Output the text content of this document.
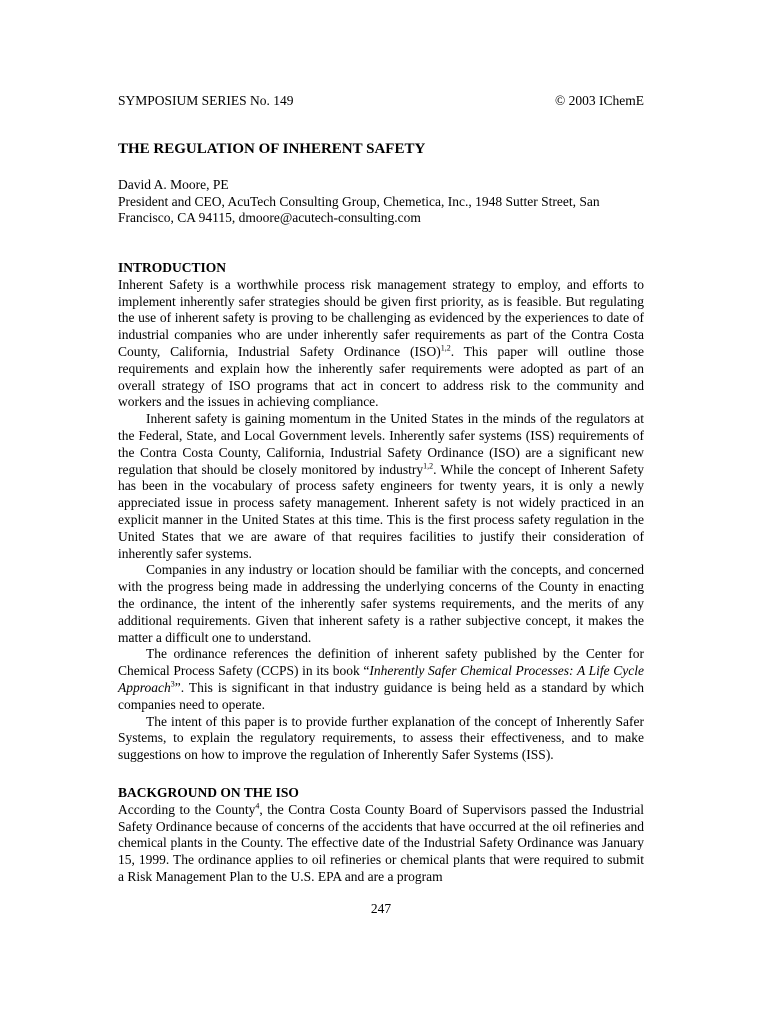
SYMPOSIUM SERIES No. 149	© 2003 IChemE
THE REGULATION OF INHERENT SAFETY
David A. Moore, PE
President and CEO, AcuTech Consulting Group, Chemetica, Inc., 1948 Sutter Street, San Francisco, CA 94115, dmoore@acutech-consulting.com
INTRODUCTION

Inherent Safety is a worthwhile process risk management strategy to employ, and efforts to implement inherently safer strategies should be given first priority, as is feasible. But regulating the use of inherent safety is proving to be challenging as evidenced by the experiences to date of industrial companies who are under inherently safer requirements as part of the Contra Costa County, California, Industrial Safety Ordinance (ISO)$^{1,2}$. This paper will outline those requirements and explain how the inherently safer requirements were adopted as part of an overall strategy of ISO programs that act in concert to address risk to the community and workers and the issues in achieving compliance.

Inherent safety is gaining momentum in the United States in the minds of the regulators at the Federal, State, and Local Government levels. Inherently safer systems (ISS) requirements of the Contra Costa County, California, Industrial Safety Ordinance (ISO) are a significant new regulation that should be closely monitored by industry$^{1,2}$. While the concept of Inherent Safety has been in the vocabulary of process safety engineers for twenty years, it is only a newly appreciated issue in process safety management. Inherent safety is not widely practiced in an explicit manner in the United States at this time. This is the first process safety regulation in the United States that we are aware of that requires facilities to justify their consideration of inherently safer systems.

Companies in any industry or location should be familiar with the concepts, and concerned with the progress being made in addressing the underlying concerns of the County in enacting the ordinance, the intent of the inherently safer systems requirements, and the merits of any additional requirements. Given that inherent safety is a rather subjective concept, it makes the matter a difficult one to understand.

The ordinance references the definition of inherent safety published by the Center for Chemical Process Safety (CCPS) in its book “Inherently Safer Chemical Processes: A Life Cycle Approach$^3$”. This is significant in that industry guidance is being held as a standard by which companies need to operate.

The intent of this paper is to provide further explanation of the concept of Inherently Safer Systems, to explain the regulatory requirements, to assess their effectiveness, and to make suggestions on how to improve the regulation of Inherently Safer Systems (ISS).

BACKGROUND ON THE ISO

According to the County$^4$, the Contra Costa County Board of Supervisors passed the Industrial Safety Ordinance because of concerns of the accidents that have occurred at the oil refineries and chemical plants in the County. The effective date of the Industrial Safety Ordinance was January 15, 1999. The ordinance applies to oil refineries or chemical plants that were required to submit a Risk Management Plan to the U.S. EPA and are a program

247
